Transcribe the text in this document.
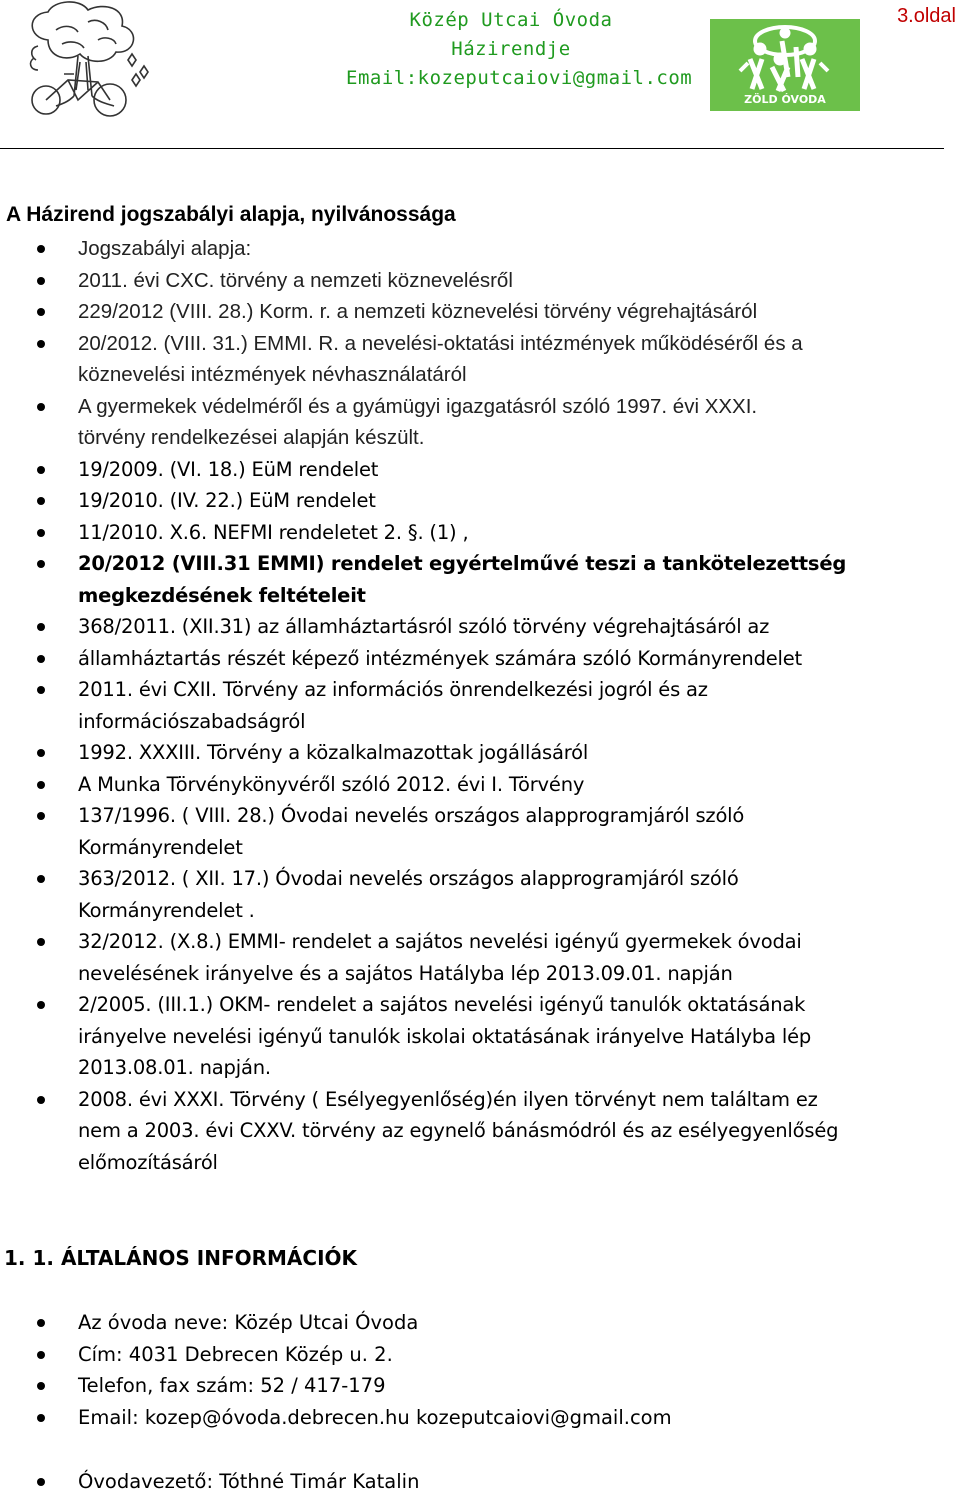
Közép Utcai Óvoda
Házirendje
Email:kozeputcaiovi@gmail.com
ZÖLD ÓVODA
3.oldal
A Házirend jogszabályi alapja, nyilvánossága
Jogszabályi alapja:
2011. évi CXC. törvény a nemzeti köznevelésről
229/2012 (VIII. 28.) Korm. r. a nemzeti köznevelési törvény végrehajtásáról
20/2012. (VIII. 31.) EMMI. R. a nevelési-oktatási intézmények működéséről és a
köznevelési intézmények névhasználatáról
A gyermekek védelméről és a gyámügyi igazgatásról szóló 1997. évi XXXI.
törvény rendelkezései alapján készült.
19/2009. (VI. 18.) EüM rendelet
19/2010. (IV. 22.) EüM rendelet
11/2010. X.6. NEFMI rendeletet 2. §. (1) ,
20/2012 (VIII.31 EMMI) rendelet egyértelművé teszi a tankötelezettség
megkezdésének feltételeit
368/2011. (XII.31) az államháztartásról szóló törvény végrehajtásáról az
államháztartás részét képező intézmények számára szóló Kormányrendelet
2011. évi CXII. Törvény az információs önrendelkezési jogról és az
információszabadságról
1992. XXXIII. Törvény a közalkalmazottak jogállásáról
A Munka Törvénykönyvéről szóló 2012. évi I. Törvény
137/1996. ( VIII. 28.) Óvodai nevelés országos alapprogramjáról szóló
Kormányrendelet
363/2012. ( XII. 17.) Óvodai nevelés országos alapprogramjáról szóló
Kormányrendelet .
32/2012. (X.8.) EMMI- rendelet a sajátos nevelési igényű gyermekek óvodai
nevelésének irányelve és a sajátos Hatályba lép 2013.09.01. napján
2/2005. (III.1.) OKM- rendelet a sajátos nevelési igényű tanulók oktatásának
irányelve nevelési igényű tanulók iskolai oktatásának irányelve Hatályba lép
2013.08.01. napján.
2008. évi XXXI. Törvény ( Esélyegyenlőség)én ilyen törvényt nem találtam ez
nem a 2003. évi CXXV. törvény az egynelő bánásmódról és az esélyegyenlőség
előmozításáról
1. 1. ÁLTALÁNOS INFORMÁCIÓK
Az óvoda neve: Közép Utcai Óvoda
Cím: 4031 Debrecen Közép u. 2.
Telefon, fax szám: 52 / 417-179
Email: kozep@óvoda.debrecen.hu kozeputcaiovi@gmail.com
Óvodavezető: Tóthné Timár Katalin
